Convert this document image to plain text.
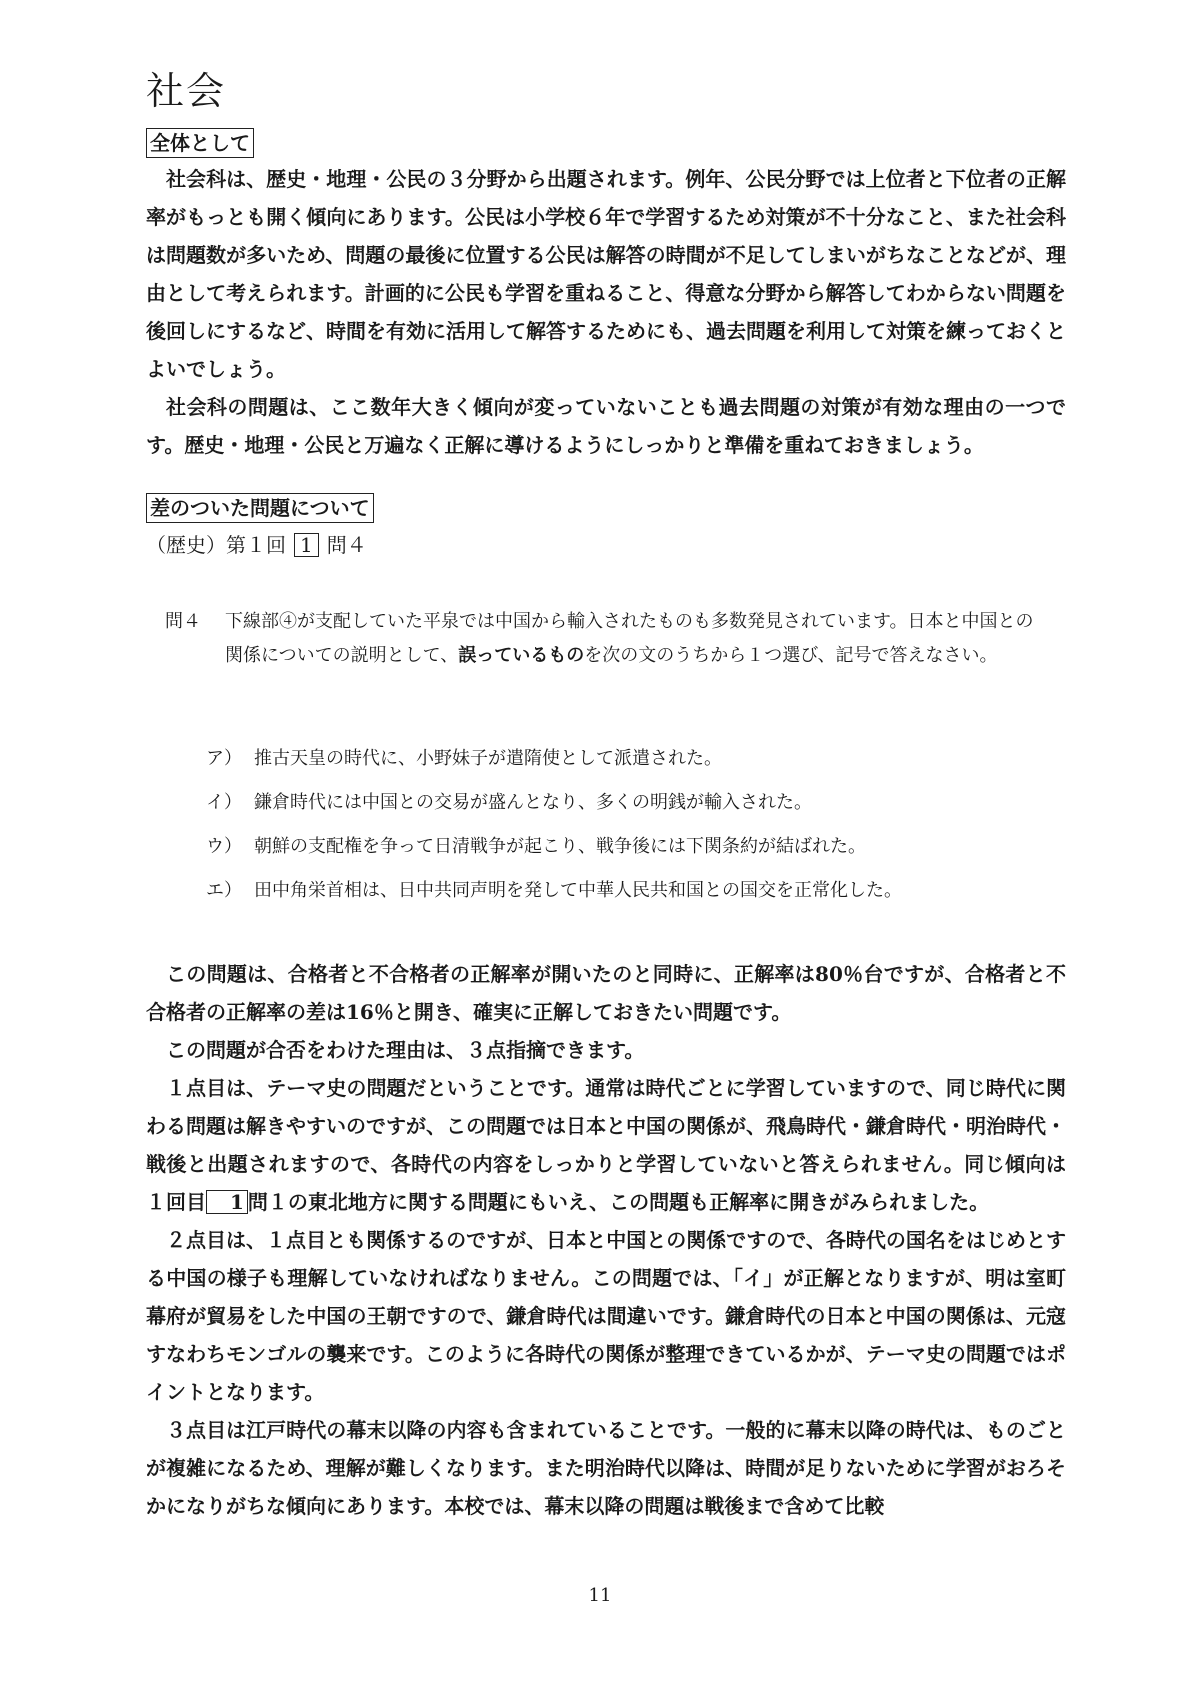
社会
全体として

社会科は、歴史・地理・公民の３分野から出題されます。例年、公民分野では上位者と下位者の正解率がもっとも開く傾向にあります。公民は小学校６年で学習するため対策が不十分なこと、また社会科は問題数が多いため、問題の最後に位置する公民は解答の時間が不足してしまいがちなことなどが、理由として考えられます。計画的に公民も学習を重ねること、得意な分野から解答してわからない問題を後回しにするなど、時間を有効に活用して解答するためにも、過去問題を利用して対策を練っておくとよいでしょう。

社会科の問題は、ここ数年大きく傾向が変っていないことも過去問題の対策が有効な理由の一つです。歴史・地理・公民と万遍なく正解に導けるようにしっかりと準備を重ねておきましょう。

差のついた問題について
（歴史）第１回 1 問４
問４ 下線部④が支配していた平泉では中国から輸入されたものも多数発見されています。日本と中国との関係についての説明として、誤っているものを次の文のうちから１つ選び、記号で答えなさい。
ア） 推古天皇の時代に、小野妹子が遣隋使として派遣された。
イ） 鎌倉時代には中国との交易が盛んとなり、多くの明銭が輸入された。
ウ） 朝鮮の支配権を争って日清戦争が起こり、戦争後には下関条約が結ばれた。
エ） 田中角栄首相は、日中共同声明を発して中華人民共和国との国交を正常化した。

この問題は、合格者と不合格者の正解率が開いたのと同時に、正解率は80％台ですが、合格者と不合格者の正解率の差は16％と開き、確実に正解しておきたい問題です。

この問題が合否をわけた理由は、３点指摘できます。

１点目は、テーマ史の問題だということです。通常は時代ごとに学習していますので、同じ時代に関わる問題は解きやすいのですが、この問題では日本と中国の関係が、飛鳥時代・鎌倉時代・明治時代・戦後と出題されますので、各時代の内容をしっかりと学習していないと答えられません。同じ傾向は１回目 1 問１の東北地方に関する問題にもいえ、この問題も正解率に開きがみられました。

２点目は、１点目とも関係するのですが、日本と中国との関係ですので、各時代の国名をはじめとする中国の様子も理解していなければなりません。この問題では、「イ」が正解となりますが、明は室町幕府が貿易をした中国の王朝ですので、鎌倉時代は間違いです。鎌倉時代の日本と中国の関係は、元寇すなわちモンゴルの襲来です。このように各時代の関係が整理できているかが、テーマ史の問題ではポイントとなります。

３点目は江戸時代の幕末以降の内容も含まれていることです。一般的に幕末以降の時代は、ものごとが複雑になるため、理解が難しくなります。また明治時代以降は、時間が足りないために学習がおろそかになりがちな傾向にあります。本校では、幕末以降の問題は戦後まで含めて比較

11
